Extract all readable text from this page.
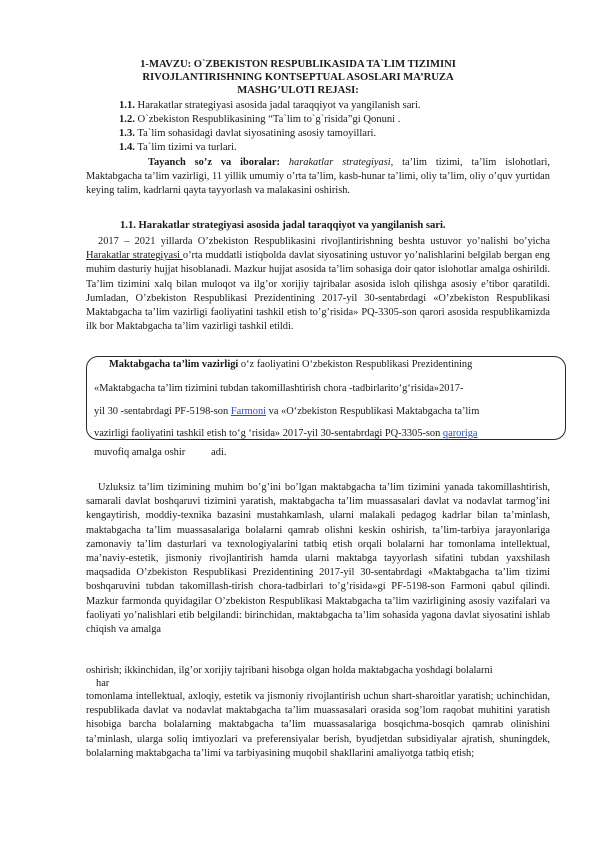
1-MAVZU: O`ZBEKISTON RESPUBLIKASIDA TA`LIM TIZIMINI
RIVOJLANTIRISHNING KONTSEPTUAL ASOSLARI MA’RUZA
MASHG’ULOTI REJASI:
1.1. Harakatlar strategiyasi asosida jadal taraqqiyot va yangilanish sari.
1.2. O`zbekiston Respublikasining “Ta`lim to`g`risida”gi Qonuni .
1.3. Ta`lim sohasidagi davlat siyosatining asosiy tamoyillari.
1.4. Ta`lim tizimi va turlari.
Tayanch so’z va iboralar: harakatlar strategiyasi, ta’lim tizimi, ta’lim islohotlari, Maktabgacha ta’lim vazirligi, 11 yillik umumiy o’rta ta’lim, kasb-hunar ta’limi, oliy ta’lim, oliy o’quv yurtidan keying talim, kadrlarni qayta tayyorlash va malakasini oshirish.
1.1. Harakatlar strategiyasi asosida jadal taraqqiyot va yangilanish sari.
2017 – 2021 yillarda O’zbekiston Respublikasini rivojlantirishning beshta ustuvor yo’nalishi bo’yicha Harakatlar strategiyasi o’rta muddatli istiqbolda davlat siyosatining ustuvor yo’nalishlarini belgilab bergan eng muhim dasturiy hujjat hisoblanadi. Mazkur hujjat asosida ta’lim sohasiga doir qator islohotlar amalga oshirildi. Ta’lim tizimini xalq bilan muloqot va ilg’or xorijiy tajribalar asosida isloh qilishga asosiy e’tibor qaratildi. Jumladan, O’zbekiston Respublikasi Prezidentining 2017-yil 30-sentabrdagi «O’zbekiston Respublikasi Maktabgacha ta’lim vazirligi faoliyatini tashkil etish to’g’risida» PQ-3305-son qarori asosida respublikamizda ilk bor Maktabgacha ta’lim vazirligi tashkil etildi.
Maktabgacha ta’lim vazirligi o‘z faoliyatini O‘zbekiston Respublikasi Prezidentining
«Maktabgacha ta’lim tizimini tubdan takomillashtirish chora -tadbirlarito‘g‘risida»2017-
yil 30 -sentabrdagi PF-5198-son Farmoni va «O‘zbekiston Respublikasi Maktabgacha ta’lim
vazirligi faoliyatini tashkil etish to‘g ‘risida» 2017-yil 30-sentabrdagi PQ-3305-son qaroriga
muvofiq amalga oshir          adi.
Uzluksiz ta’lim tizimining muhim bo’g’ini bo’lgan maktabgacha ta’lim tizimini yanada takomillashtirish, samarali davlat boshqaruvi tizimini yaratish, maktabgacha ta’lim muassasalari davlat va nodavlat tarmog’ini kengaytirish, moddiy-texnika bazasini mustahkamlash, ularni malakali pedagog kadrlar bilan ta’minlash, maktabgacha ta’lim muassasalariga bolalarni qamrab olishni keskin oshirish, ta’lim-tarbiya jarayonlariga zamonaviy ta’lim dasturlari va texnologiyalarini tatbiq etish orqali bolalarni har tomonlama intellektual, ma’naviy-estetik, jismoniy rivojlantirish hamda ularni maktabga tayyorlash sifatini tubdan yaxshilash maqsadida O’zbekiston Respublikasi Prezidentining 2017-yil 30-sentabrdagi «Maktabgacha ta’lim tizimi boshqaruvini tubdan takomillash-tirish chora-tadbirlari to’g’risida»gi PF-5198-son Farmoni qabul qilindi. Mazkur farmonda quyidagilar O’zbekiston Respublikasi Maktabgacha ta’lim vazirligining asosiy vazifalari va faoliyati yo’nalishlari etib belgilandi: birinchidan, maktabgacha ta’lim sohasida yagona davlat siyosatini ishlab chiqish va amalga
oshirish; ikkinchidan, ilg’or xorijiy tajribani hisobga olgan holda maktabgacha yoshdagi bolalarni
har
tomonlama intellektual, axloqiy, estetik va jismoniy rivojlantirish uchun shart-sharoitlar yaratish; uchinchidan, respublikada davlat va nodavlat maktabgacha ta’lim muassasalari orasida sog’lom raqobat muhitini yaratish hisobiga barcha bolalarning maktabgacha ta’lim muassasalariga bosqichma-bosqich qamrab olinishini ta’minlash, ularga soliq imtiyozlari va preferensiyalar berish, byudjetdan subsidiyalar ajratish, shuningdek, bolalarning maktabgacha ta’limi va tarbiyasining muqobil shakllarini amaliyotga tatbiq etish;
